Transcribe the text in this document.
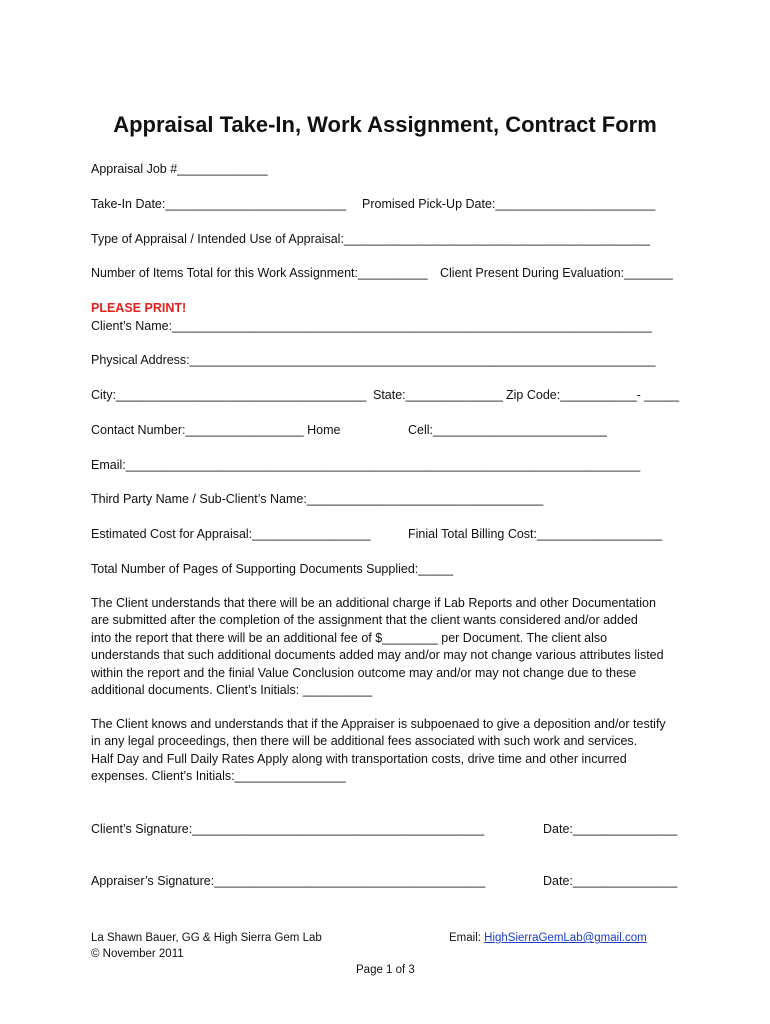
Appraisal Take-In, Work Assignment, Contract Form
Appraisal Job #_____________
Take-In Date:__________________________ Promised Pick-Up Date:_______________________
Type of Appraisal / Intended Use of Appraisal:____________________________________________
Number of Items Total for this Work Assignment:__________ Client Present During Evaluation:_______
PLEASE PRINT!
Client’s Name:_____________________________________________________________________
Physical Address:___________________________________________________________________
City:____________________________________ State:______________ Zip Code:___________- _____
Contact Number:_________________ Home	Cell:_________________________
Email:__________________________________________________________________________
Third Party Name / Sub-Client’s Name:__________________________________
Estimated Cost for Appraisal:_________________	Finial Total Billing Cost:__________________
Total Number of Pages of Supporting Documents Supplied:_____
The Client understands that there will be an additional charge if Lab Reports and other Documentation
are submitted after the completion of the assignment that the client wants considered and/or added
into the report that there will be an additional fee of $________ per Document. The client also
understands that such additional documents added may and/or may not change various attributes listed
within the report and the finial Value Conclusion outcome may and/or may not change due to these
additional documents. Client’s Initials: __________
The Client knows and understands that if the Appraiser is subpoenaed to give a deposition and/or testify
in any legal proceedings, then there will be additional fees associated with such work and services.
Half Day and Full Daily Rates Apply along with transportation costs, drive time and other incurred
expenses. Client’s Initials:________________
Client’s Signature:__________________________________________	Date:_______________
Appraiser’s Signature:_______________________________________	Date:_______________
La Shawn Bauer, GG & High Sierra Gem Lab
© November 2011
Email: HighSierraGemLab@gmail.com
Page 1 of 3
